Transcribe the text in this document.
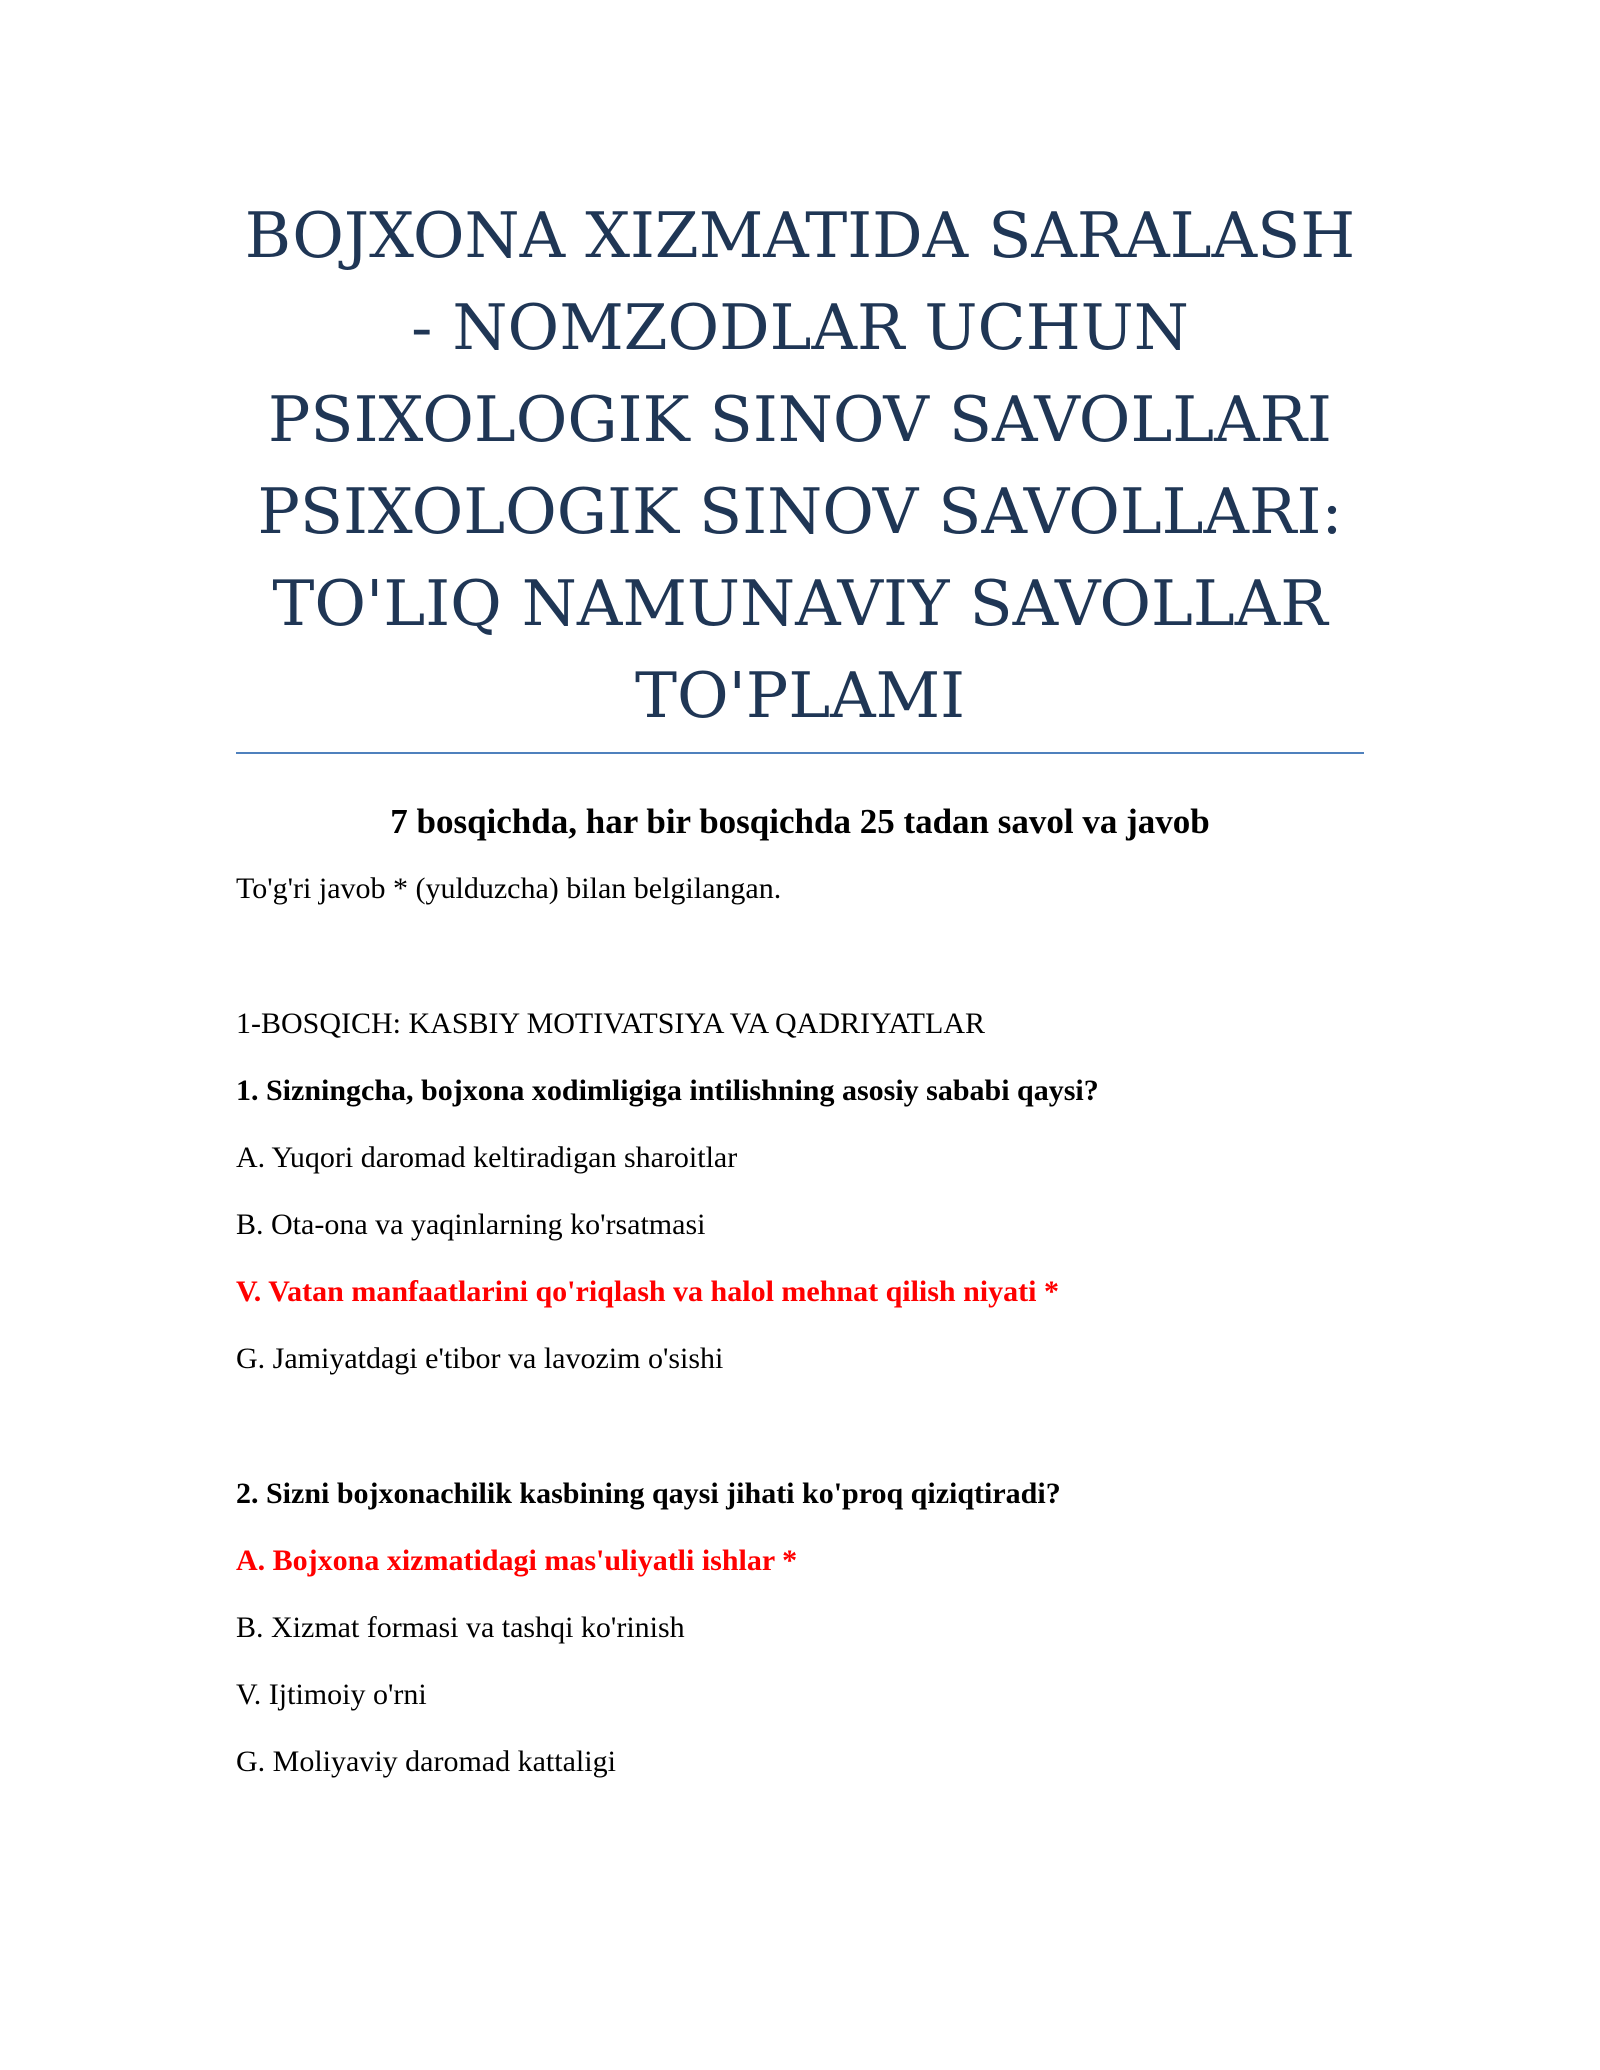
BOJXONA XIZMATIDA SARALASH
- NOMZODLAR UCHUN
PSIXOLOGIK SINOV SAVOLLARI
PSIXOLOGIK SINOV SAVOLLARI:
TO'LIQ NAMUNAVIY SAVOLLAR
TO'PLAMI

7 bosqichda, har bir bosqichda 25 tadan savol va javob

To'g'ri javob * (yulduzcha) bilan belgilangan.

1-BOSQICH: KASBIY MOTIVATSIYA VA QADRIYATLAR

1. Sizningcha, bojxona xodimligiga intilishning asosiy sababi qaysi?

A. Yuqori daromad keltiradigan sharoitlar

B. Ota-ona va yaqinlarning ko'rsatmasi

V. Vatan manfaatlarini qo'riqlash va halol mehnat qilish niyati *

G. Jamiyatdagi e'tibor va lavozim o'sishi

2. Sizni bojxonachilik kasbining qaysi jihati ko'proq qiziqtiradi?

A. Bojxona xizmatidagi mas'uliyatli ishlar *

B. Xizmat formasi va tashqi ko'rinish

V. Ijtimoiy o'rni

G. Moliyaviy daromad kattaligi
